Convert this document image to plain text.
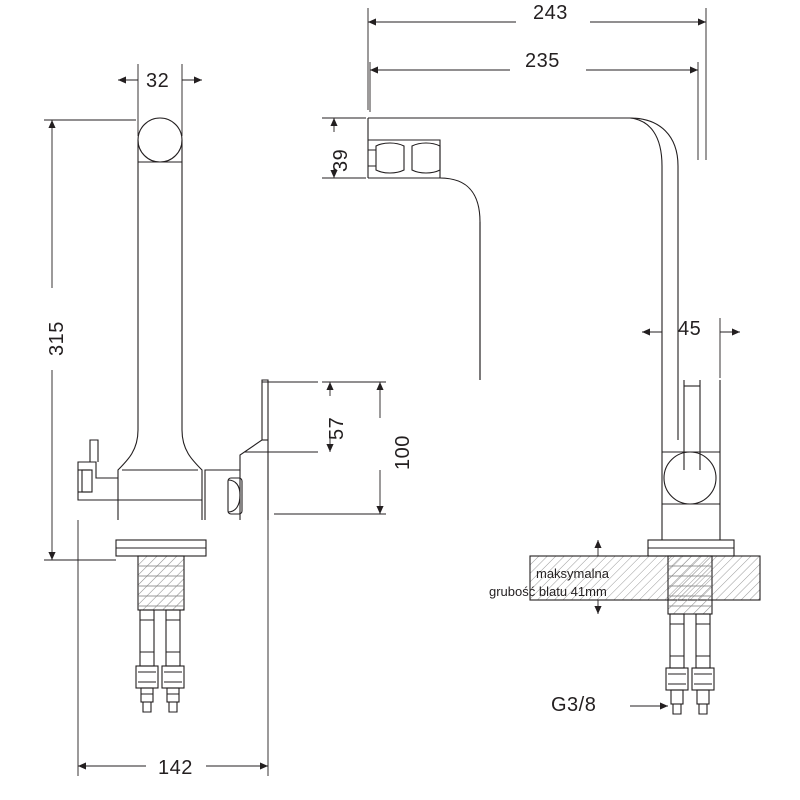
243
235
39
32
315
142
57
100
45
G3/8
maksymalna
grubość blatu 41mm
